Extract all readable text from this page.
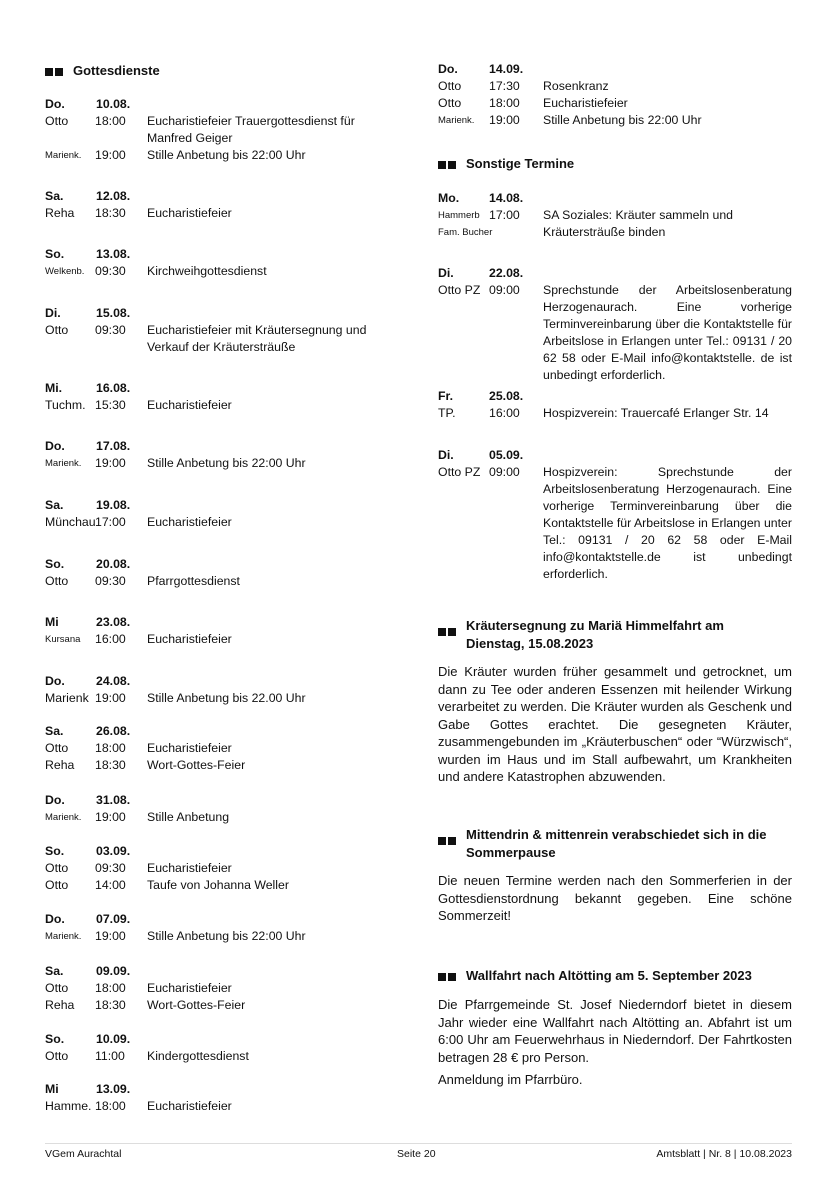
Gottesdienste
Do.	10.08.
Otto 18:00 Eucharistiefeier Trauergottesdienst für Manfred Geiger
Marienk. 19:00 Stille Anbetung bis 22:00 Uhr
Sa.	12.08.
Reha 18:30 Eucharistiefeier
So.	13.08.
Welkenb. 09:30 Kirchweihgottesdienst
Di.	15.08.
Otto 09:30 Eucharistiefeier mit Kräutersegnung und Verkauf der Kräutersträuße
Mi.	16.08.
Tuchm. 15:30 Eucharistiefeier
Do.	17.08.
Marienk. 19:00 Stille Anbetung bis 22:00 Uhr
Sa.	19.08.
Münchau 17:00 Eucharistiefeier
So.	20.08.
Otto 09:30 Pfarrgottesdienst
Mi	23.08.
Kursana 16:00 Eucharistiefeier
Do.	24.08.
Marienk 19:00 Stille Anbetung bis 22.00 Uhr
Sa.	26.08.
Otto 18:00 Eucharistiefeier
Reha 18:30 Wort-Gottes-Feier
Do.	31.08.
Marienk. 19:00 Stille Anbetung
So.	03.09.
Otto 09:30 Eucharistiefeier
Otto 14:00 Taufe von Johanna Weller
Do.	07.09.
Marienk. 19:00 Stille Anbetung bis 22:00 Uhr
Sa.	09.09.
Otto 18:00 Eucharistiefeier
Reha 18:30 Wort-Gottes-Feier
So.	10.09.
Otto 11:00 Kindergottesdienst
Mi	13.09.
Hamme. 18:00 Eucharistiefeier
Do.	14.09.
Otto 17:30 Rosenkranz
Otto 18:00 Eucharistiefeier
Marienk. 19:00 Stille Anbetung bis 22:00 Uhr
Sonstige Termine
Mo. 14.08.
Hammerb 17:00 SA Soziales: Kräuter sammeln und
Fam. Bucher	Kräutersträuße binden
Di.	22.08.
Otto PZ 09:00 Sprechstunde der Arbeitslosenberatung Herzogenaurach. Eine vorherige Terminvereinbarung über die Kontaktstelle für Arbeitslose in Erlangen unter Tel.: 09131 / 20 62 58 oder E-Mail info@kontaktstelle. de ist unbedingt erforderlich.
Fr.	25.08.
TP.	16:00 Hospizverein: Trauercafé Erlanger Str. 14
Di.	05.09.
Otto PZ 09:00 Hospizverein: Sprechstunde der Arbeitslosenberatung Herzogenaurach. Eine vorherige Terminvereinbarung über die Kontaktstelle für Arbeitslose in Erlangen unter Tel.: 09131 / 20 62 58 oder E-Mail info@kontaktstelle.de ist unbedingt erforderlich.
Kräutersegnung zu Mariä Himmelfahrt am Dienstag, 15.08.2023
Die Kräuter wurden früher gesammelt und getrocknet, um dann zu Tee oder anderen Essenzen mit heilender Wirkung verarbeitet zu werden. Die Kräuter wurden als Geschenk und Gabe Gottes erachtet. Die gesegneten Kräuter, zusammengebunden im „Kräuterbuschen“ oder “Würzwisch“, wurden im Haus und im Stall aufbewahrt, um Krankheiten und andere Katastrophen abzuwenden.
Mittendrin & mittenrein verabschiedet sich in die Sommerpause
Die neuen Termine werden nach den Sommerferien in der Gottesdienstordnung bekannt gegeben. Eine schöne Sommerzeit!
Wallfahrt nach Altötting am 5. September 2023
Die Pfarrgemeinde St. Josef Niederndorf bietet in diesem Jahr wieder eine Wallfahrt nach Altötting an. Abfahrt ist um 6:00 Uhr am Feuerwehrhaus in Niederndorf. Der Fahrtkosten betragen 28 € pro Person.
Anmeldung im Pfarrbüro.
VGem Aurachtal	Seite 20	Amtsblatt | Nr. 8 | 10.08.2023
